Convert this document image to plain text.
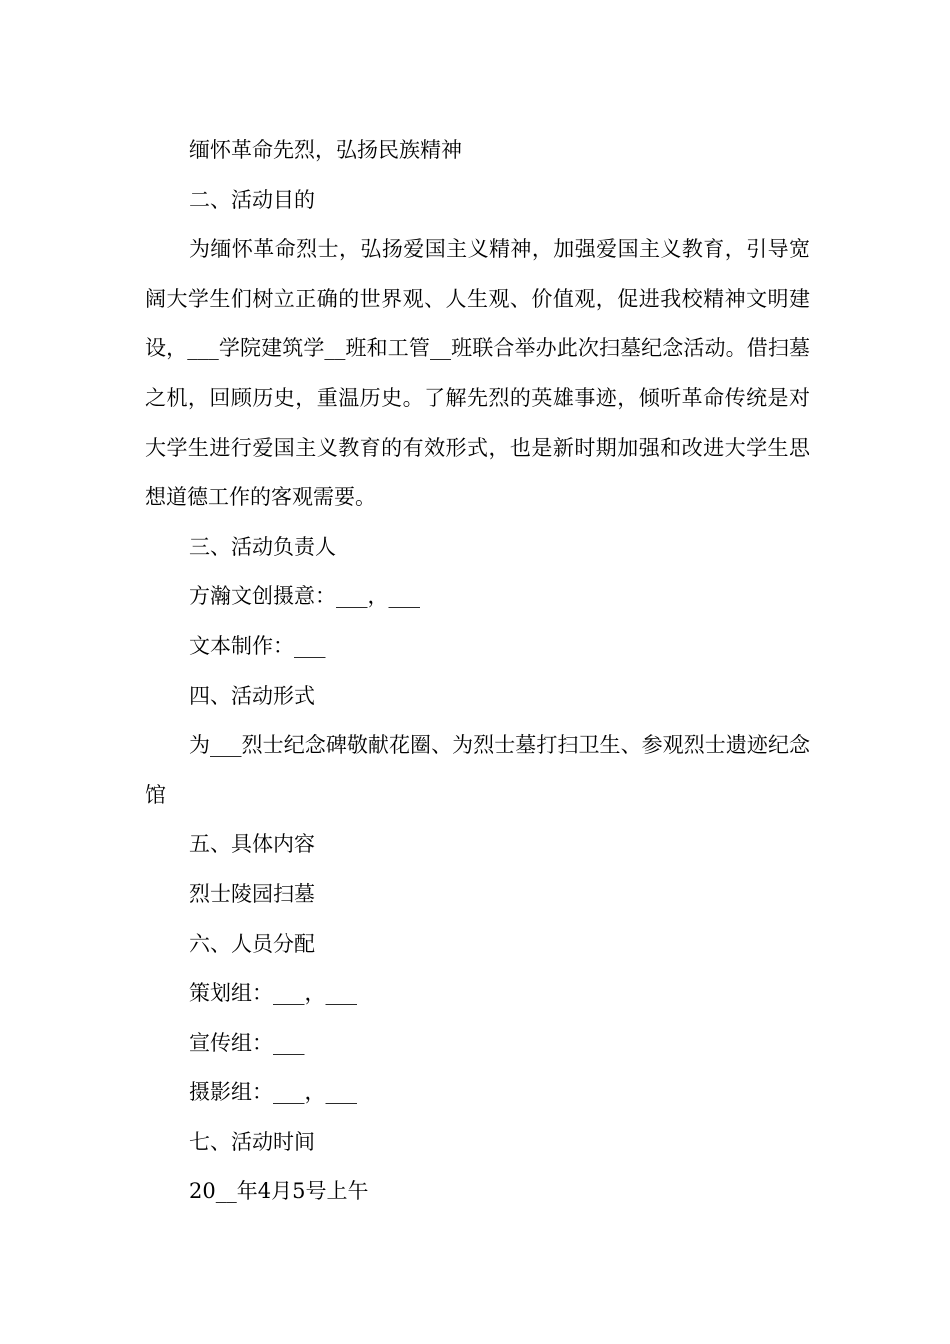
缅怀革命先烈，弘扬民族精神

二、活动目的

为缅怀革命烈士，弘扬爱国主义精神，加强爱国主义教育，引导宽阔大学生们树立正确的世界观、人生观、价值观，促进我校精神文明建设，___学院建筑学__班和工管__班联合举办此次扫墓纪念活动。借扫墓之机，回顾历史，重温历史。了解先烈的英雄事迹，倾听革命传统是对大学生进行爱国主义教育的有效形式，也是新时期加强和改进大学生思想道德工作的客观需要。

三、活动负责人

方瀚文创摄意：___，___

文本制作：___

四、活动形式

为___烈士纪念碑敬献花圈、为烈士墓打扫卫生、参观烈士遗迹纪念馆

五、具体内容

烈士陵园扫墓

六、人员分配

策划组：___，___

宣传组：___

摄影组：___，___

七、活动时间

20__年4月5号上午
